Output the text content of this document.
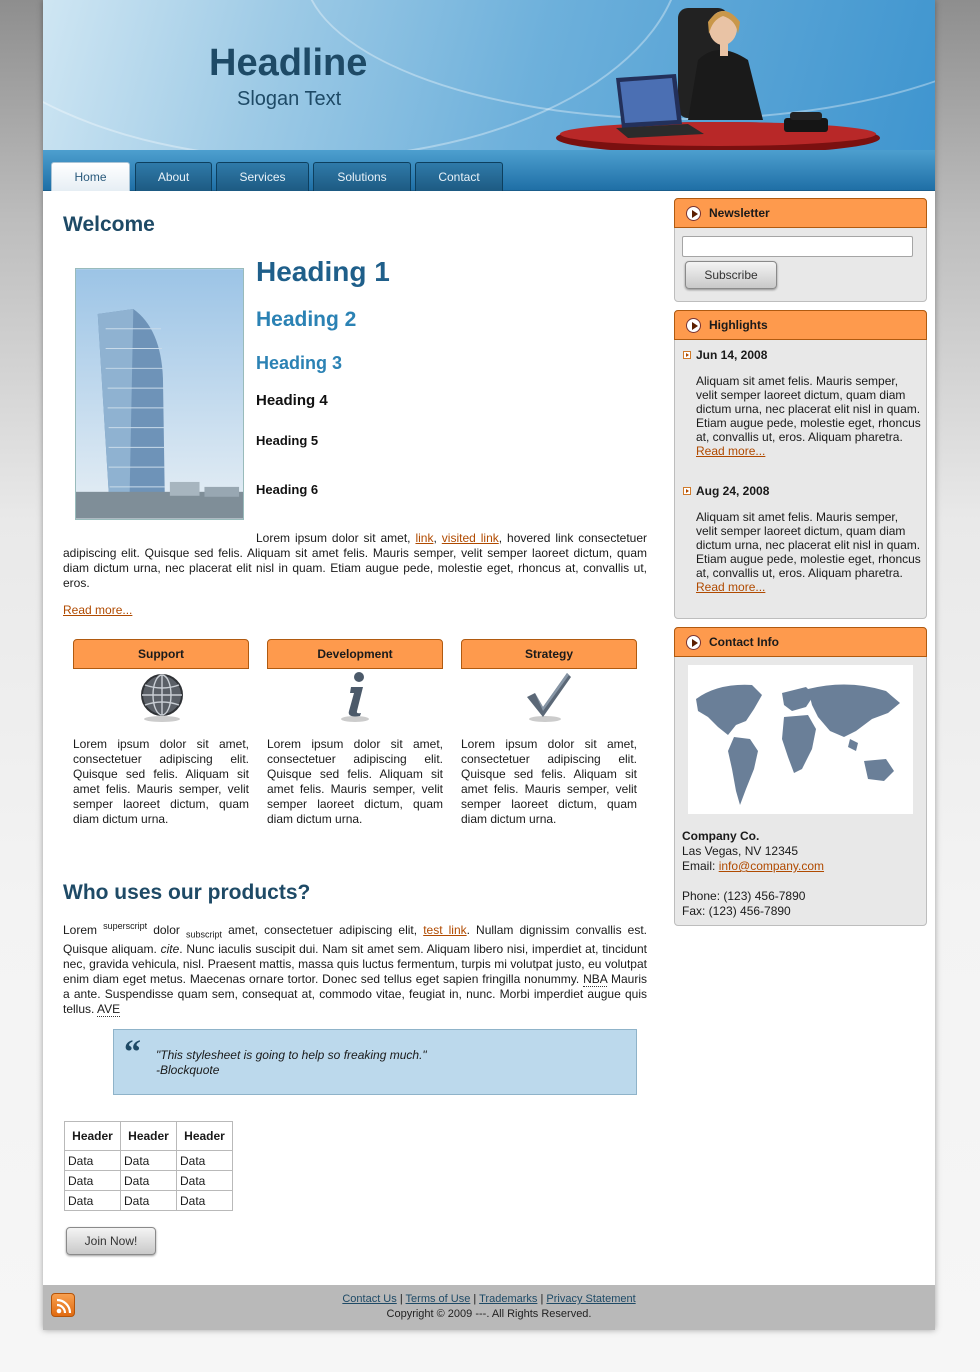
Headline
Slogan Text
Home	About	Services	Solutions	Contact
Welcome
Heading 1
Heading 2
Heading 3
Heading 4
Heading 5
Heading 6
Lorem ipsum dolor sit amet, link, visited link, hovered link consectetuer adipiscing elit. Quisque sed felis. Aliquam sit amet felis. Mauris semper, velit semper laoreet dictum, quam diam dictum urna, nec placerat elit nisl in quam. Etiam augue pede, molestie eget, rhoncus at, convallis ut, eros.
Read more...
Support
Lorem ipsum dolor sit amet, consectetuer adipiscing elit. Quisque sed felis. Aliquam sit amet felis. Mauris semper, velit semper laoreet dictum, quam diam dictum urna.
Development
Lorem ipsum dolor sit amet, consectetuer adipiscing elit. Quisque sed felis. Aliquam sit amet felis. Mauris semper, velit semper laoreet dictum, quam diam dictum urna.
Strategy
Lorem ipsum dolor sit amet, consectetuer adipiscing elit. Quisque sed felis. Aliquam sit amet felis. Mauris semper, velit semper laoreet dictum, quam diam dictum urna.
Who uses our products?
Lorem $^{superscript}$ dolor $_{subscript}$ amet, consectetuer adipiscing elit, test link. Nullam dignissim convallis est. Quisque aliquam. cite. Nunc iaculis suscipit dui. Nam sit amet sem. Aliquam libero nisi, imperdiet at, tincidunt nec, gravida vehicula, nisl. Praesent mattis, massa quis luctus fermentum, turpis mi volutpat justo, eu volutpat enim diam eget metus. Maecenas ornare tortor. Donec sed tellus eget sapien fringilla nonummy. NBA Mauris a ante. Suspendisse quam sem, consequat at, commodo vitae, feugiat in, nunc. Morbi imperdiet augue quis tellus. AVE
“ "This stylesheet is going to help so freaking much."
-Blockquote
Header	Header	Header
Data	Data	Data
Data	Data	Data
Data	Data	Data
Join Now!
Newsletter
Subscribe
Highlights
Jun 14, 2008
Aliquam sit amet felis. Mauris semper, velit semper laoreet dictum, quam diam dictum urna, nec placerat elit nisl in quam. Etiam augue pede, molestie eget, rhoncus at, convallis ut, eros. Aliquam pharetra.
Read more...
Aug 24, 2008
Aliquam sit amet felis. Mauris semper, velit semper laoreet dictum, quam diam dictum urna, nec placerat elit nisl in quam. Etiam augue pede, molestie eget, rhoncus at, convallis ut, eros. Aliquam pharetra.
Read more...
Contact Info
Company Co.
Las Vegas, NV 12345
Email: info@company.com
Phone: (123) 456-7890
Fax: (123) 456-7890
Contact Us | Terms of Use | Trademarks | Privacy Statement
Copyright © 2009 ---. All Rights Reserved.
